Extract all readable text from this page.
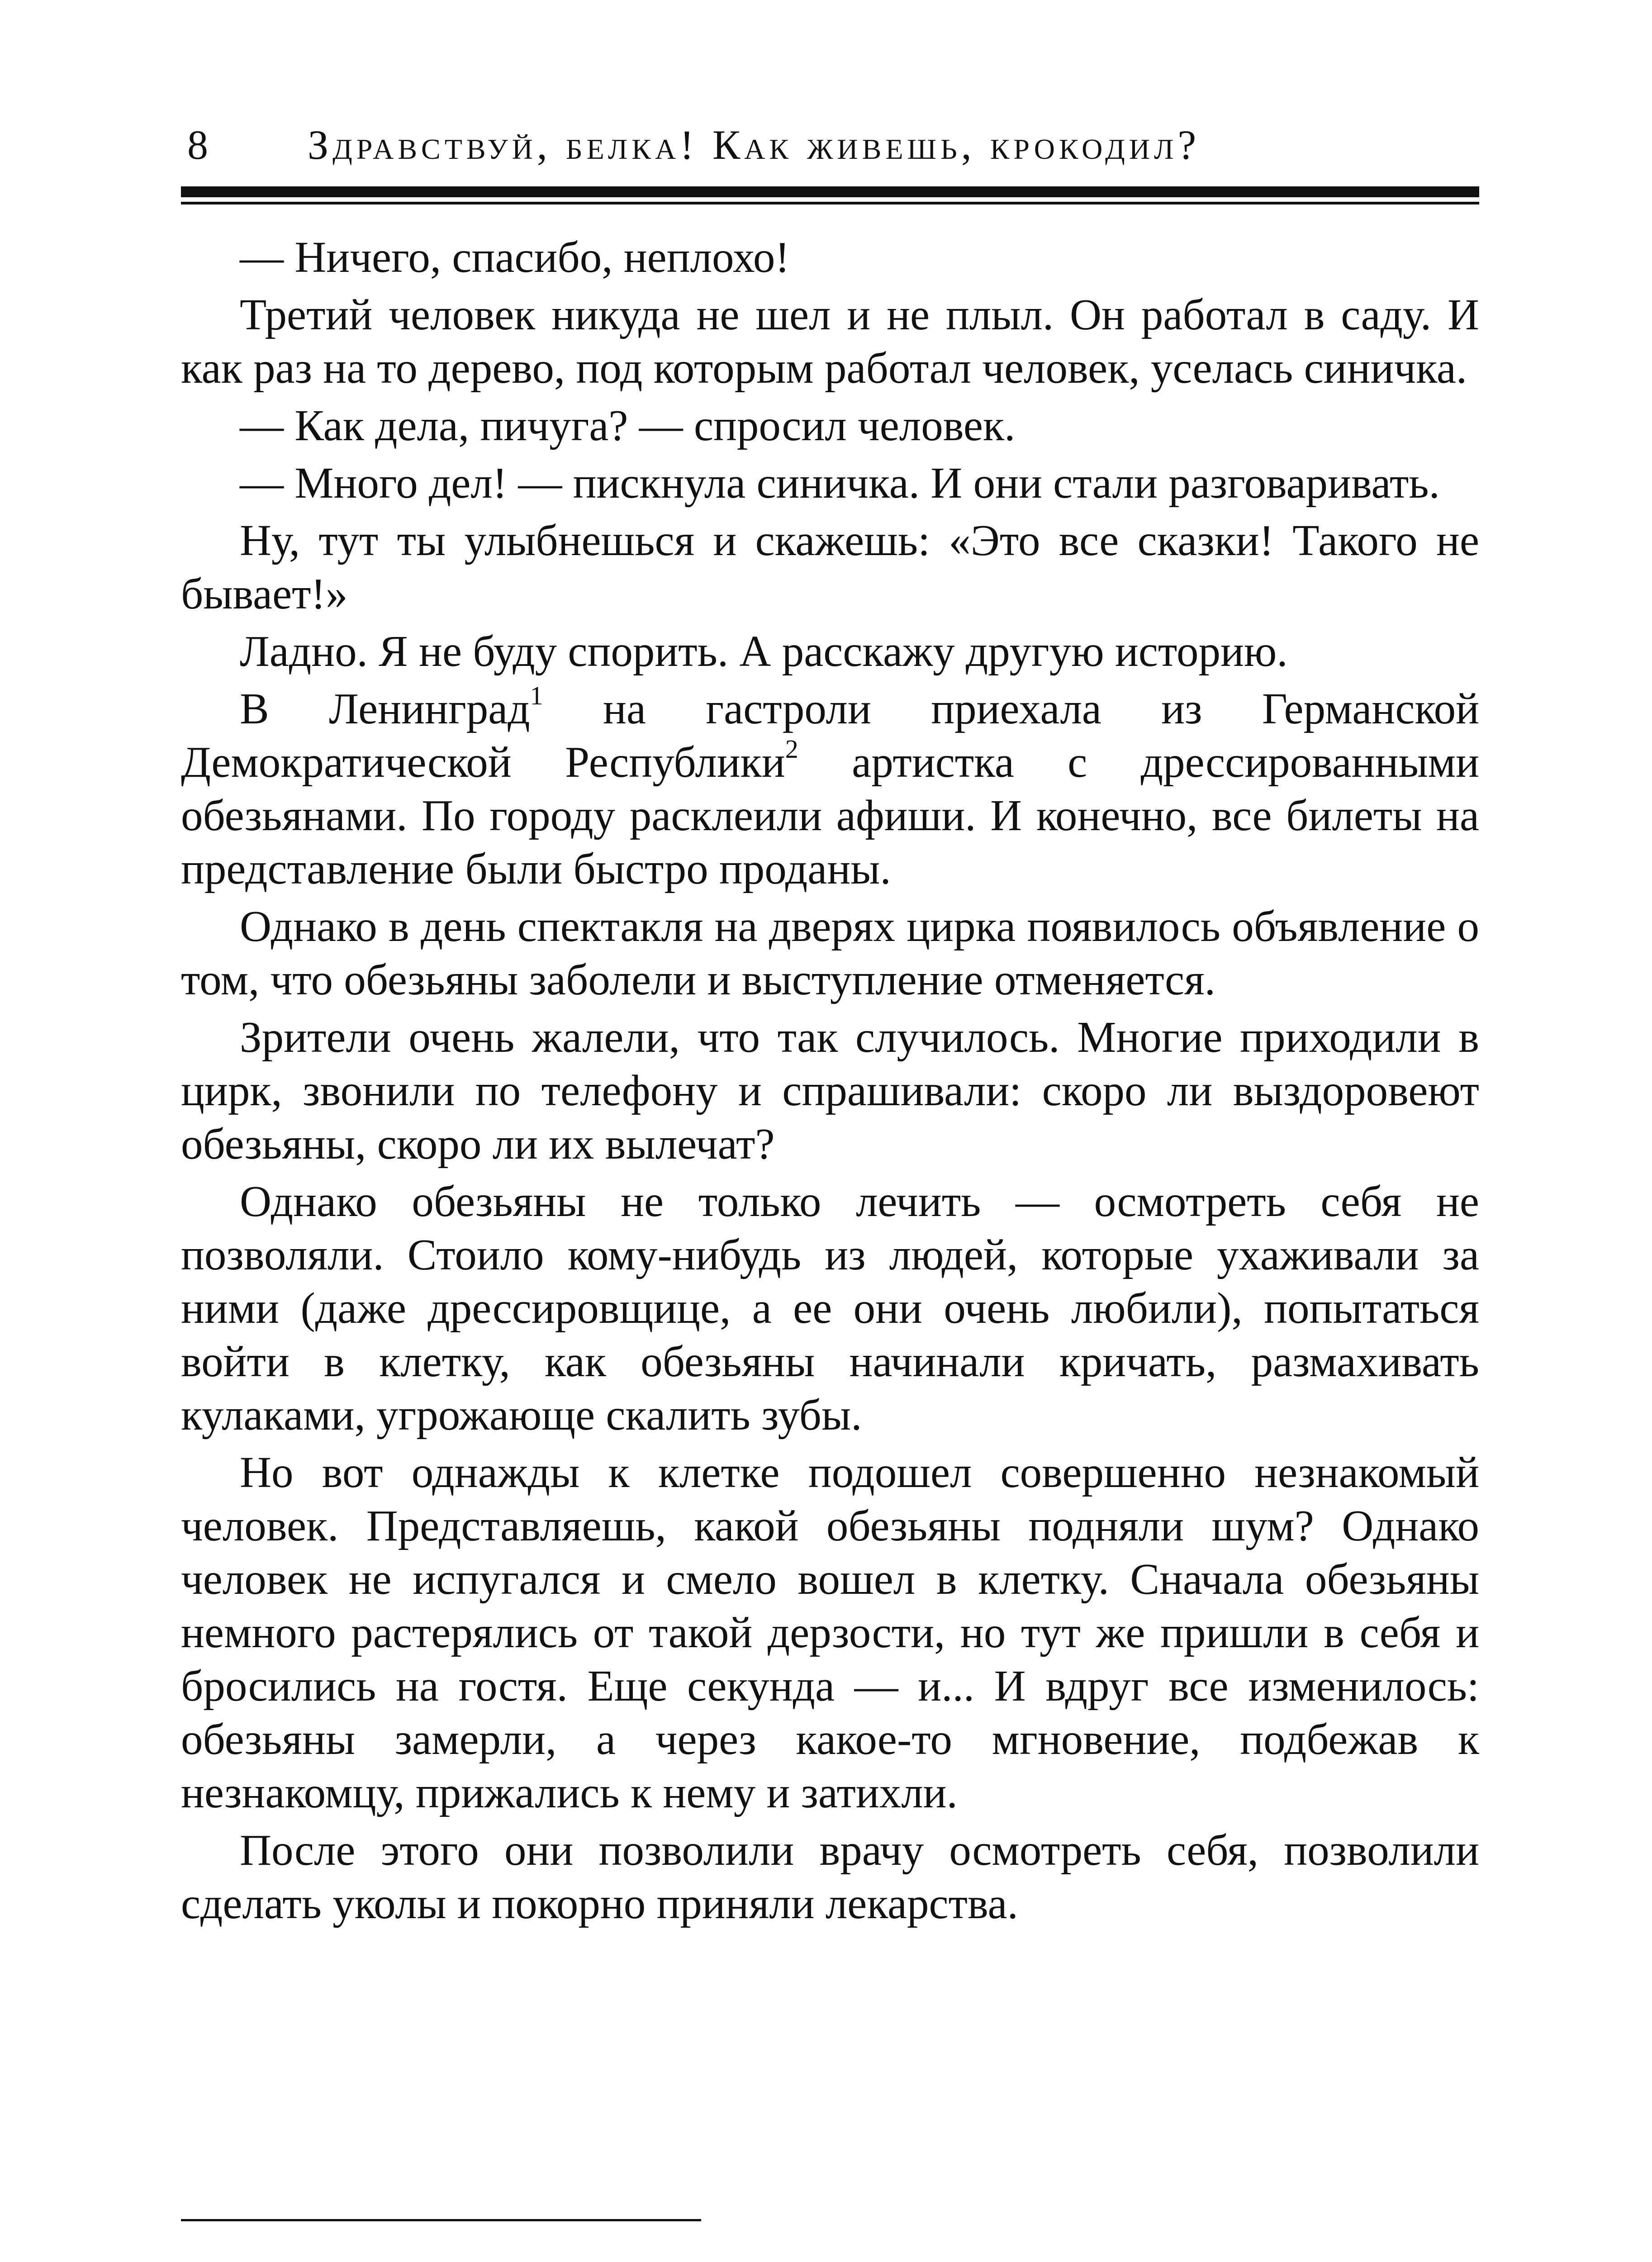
8 Здравствуй, белка! Как живешь, крокодил?

— Ничего, спасибо, неплохо!

Третий человек никуда не шел и не плыл. Он работал в саду. И как раз на то дерево, под которым работал человек, уселась синичка.

— Как дела, пичуга? — спросил человек.

— Много дел! — пискнула синичка. И они стали разговаривать.

Ну, тут ты улыбнешься и скажешь: «Это все сказки! Такого не бывает!»

Ладно. Я не буду спорить. А расскажу другую историю.

В Ленинград$^1$ на гастроли приехала из Германской Демократической Республики$^2$ артистка с дрессированными обезьянами. По городу расклеили афиши. И конечно, все билеты на представление были быстро проданы.

Однако в день спектакля на дверях цирка появилось объявление о том, что обезьяны заболели и выступление отменяется.

Зрители очень жалели, что так случилось. Многие приходили в цирк, звонили по телефону и спрашивали: скоро ли выздоровеют обезьяны, скоро ли их вылечат?

Однако обезьяны не только лечить — осмотреть себя не позволяли. Стоило кому-нибудь из людей, которые ухаживали за ними (даже дрессировщице, а ее они очень любили), попытаться войти в клетку, как обезьяны начинали кричать, размахивать кулаками, угрожающе скалить зубы.

Но вот однажды к клетке подошел совершенно незнакомый человек. Представляешь, какой обезьяны подняли шум? Однако человек не испугался и смело вошел в клетку. Сначала обезьяны немного растерялись от такой дерзости, но тут же пришли в себя и бросились на гостя. Еще секунда — и... И вдруг все изменилось: обезьяны замерли, а через какое-то мгновение, подбежав к незнакомцу, прижались к нему и затихли.

После этого они позволили врачу осмотреть себя, позволили сделать уколы и покорно приняли лекарства.
